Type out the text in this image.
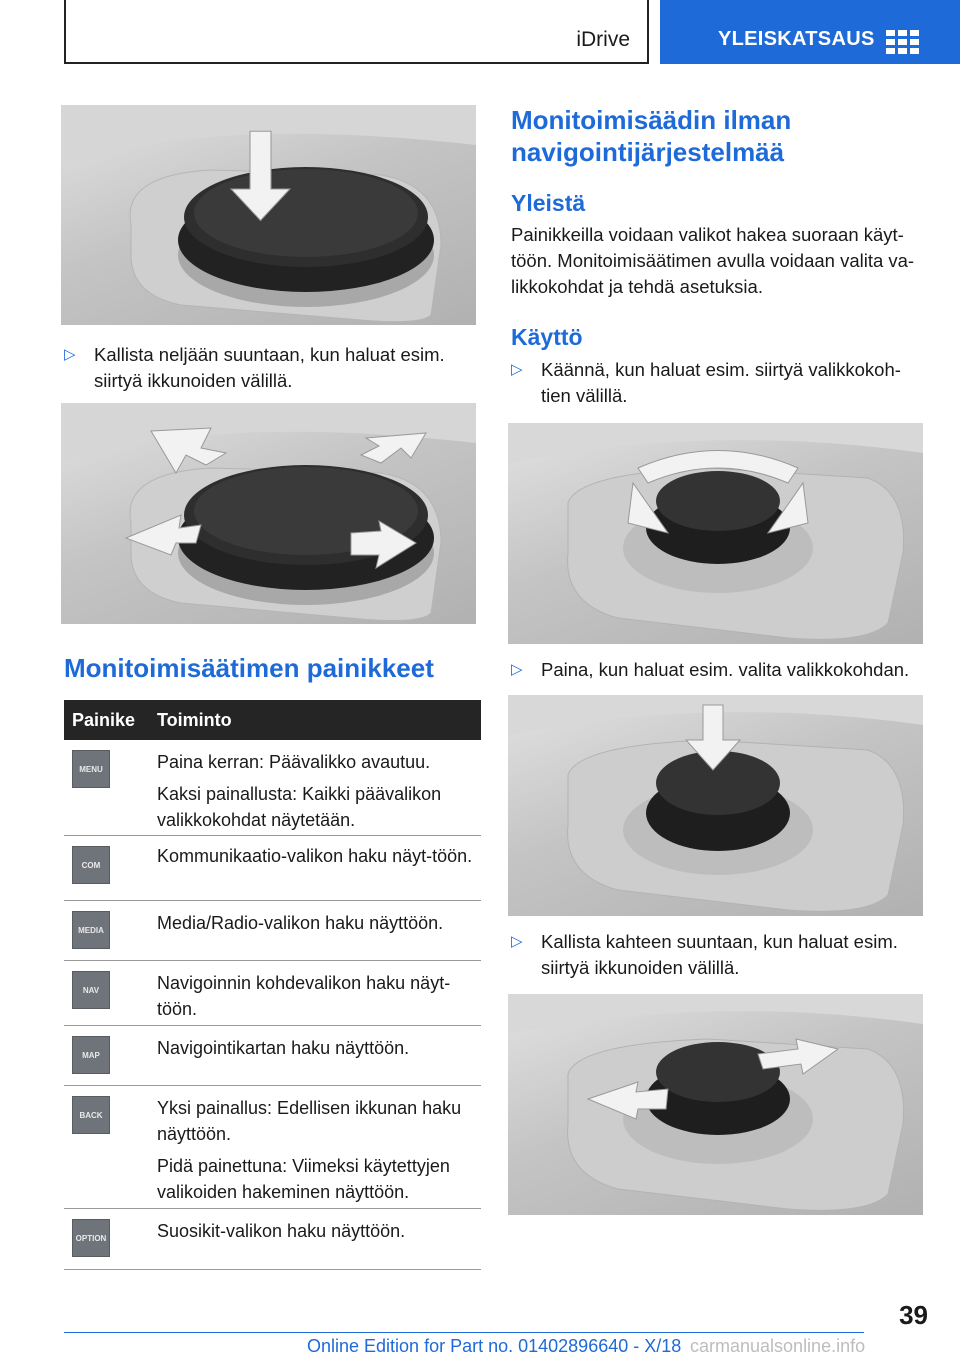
iDrive	YLEISKATSAUS
▷ Kallista neljään suuntaan, kun haluat esim. siirtyä ikkunoiden välillä.
Monitoimisäätimen painikkeet
Painike Toiminto
MENU	Paina kerran: Päävalikko avautuu.
Kaksi painallusta: Kaikki päävalikon valikkokohdat näytetään.
COM	Kommunikaatio-valikon haku näyt-töön.
MEDIA	Media/Radio-valikon haku näyttöön.
NAV	Navigoinnin kohdevalikon haku näyt-töön.
MAP	Navigointikartan haku näyttöön.
BACK	Yksi painallus: Edellisen ikkunan haku näyttöön.
Pidä painettuna: Viimeksi käytettyjen valikoiden hakeminen näyttöön.
OPTION	Suosikit-valikon haku näyttöön.
Monitoimisäädin ilman navigointijärjestelmää
Yleistä
Painikkeilla voidaan valikot hakea suoraan käyt-töön. Monitoimisäätimen avulla voidaan valita va-likkokohdat ja tehdä asetuksia.
Käyttö
▷ Käännä, kun haluat esim. siirtyä valikkokoh-tien välillä.
▷ Paina, kun haluat esim. valita valikkokohdan.
▷ Kallista kahteen suuntaan, kun haluat esim. siirtyä ikkunoiden välillä.
39
Online Edition for Part no. 01402896640 - X/18 carmanualsonline.info
